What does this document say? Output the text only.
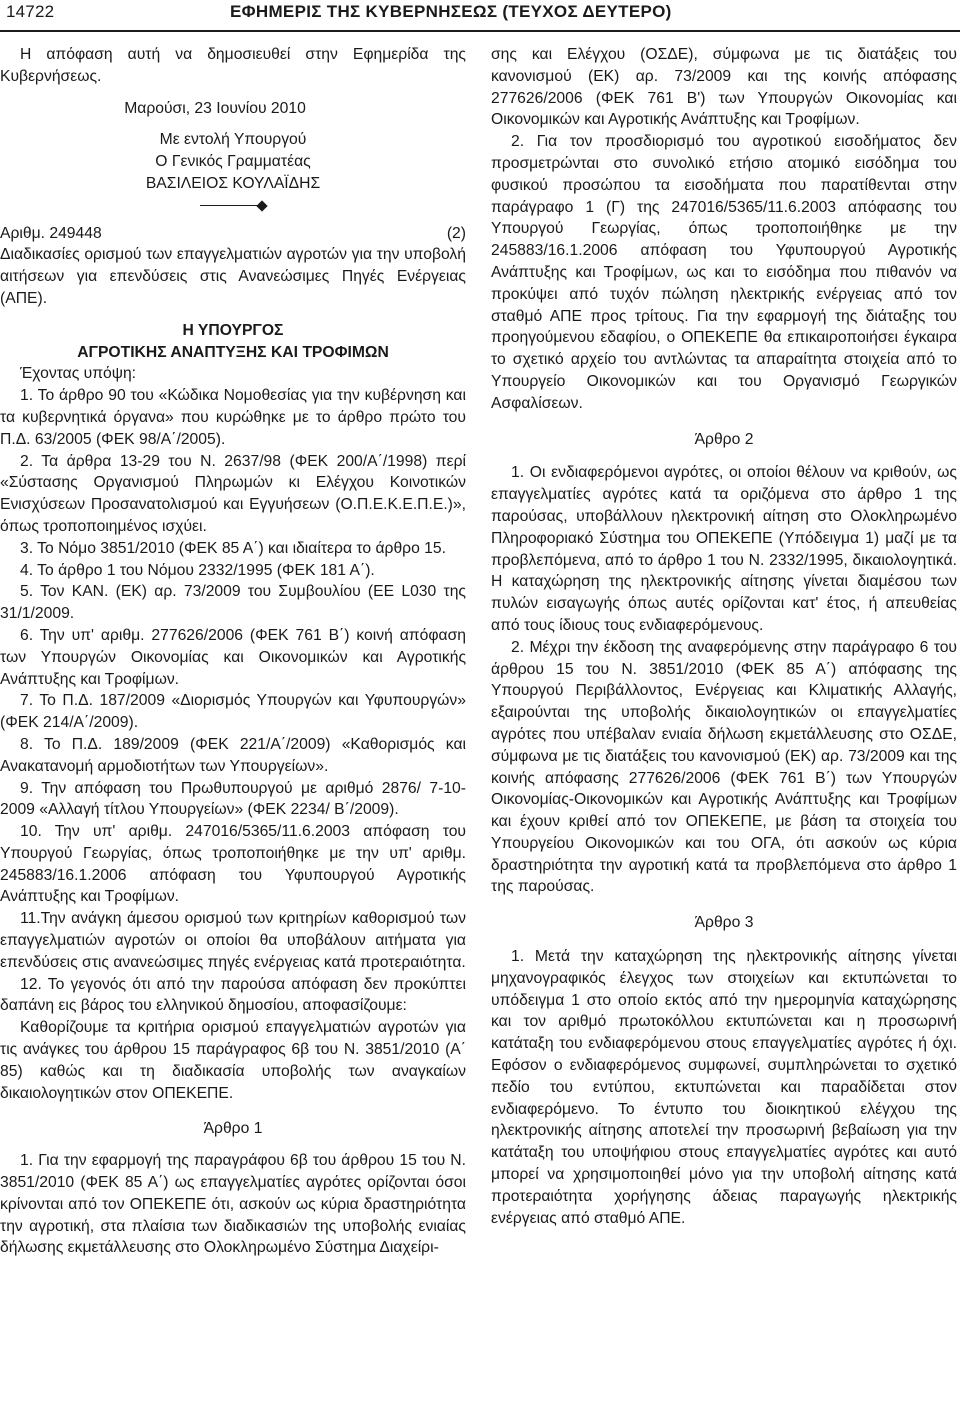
14722	ΕΦΗΜΕΡΙΣ ΤΗΣ ΚΥΒΕΡΝΗΣΕΩΣ (ΤΕΥΧΟΣ ΔΕΥΤΕΡΟ)

Η απόφαση αυτή να δημοσιευθεί στην Εφημερίδα της Κυβερνήσεως.

Μαρούσι, 23 Ιουνίου 2010

Με εντολή Υπουργού

Ο Γενικός Γραμματέας

ΒΑΣΙΛΕΙΟΣ ΚΟΥΛΑΪΔΗΣ

Αριθμ. 249448	(2)

Διαδικασίες ορισμού των επαγγελματιών αγροτών για την υποβολή αιτήσεων για επενδύσεις στις Ανανεώσιμες Πηγές Ενέργειας (ΑΠΕ).

Η ΥΠΟΥΡΓΟΣ

ΑΓΡΟΤΙΚΗΣ ΑΝΑΠΤΥΞΗΣ ΚΑΙ ΤΡΟΦΙΜΩΝ

Έχοντας υπόψη:

1. Το άρθρο 90 του «Κώδικα Νομοθεσίας για την κυβέρνηση και τα κυβερνητικά όργανα» που κυρώθηκε με το άρθρο πρώτο του Π.Δ. 63/2005 (ΦΕΚ 98/Α΄/2005).

2. Τα άρθρα 13-29 του Ν. 2637/98 (ΦΕΚ 200/Α΄/1998) περί «Σύστασης Οργανισμού Πληρωμών κι Ελέγχου Κοινοτικών Ενισχύσεων Προσανατολισμού και Εγγυήσεων (Ο.Π.Ε.Κ.Ε.Π.Ε.)», όπως τροποποιημένος ισχύει.

3. Το Νόμο 3851/2010 (ΦΕΚ 85 Α΄) και ιδιαίτερα το άρθρο 15.

4. Το άρθρο 1 του Νόμου 2332/1995 (ΦΕΚ 181 Α΄).

5. Τον ΚΑΝ. (ΕΚ) αρ. 73/2009 του Συμβουλίου (ΕΕ L030 της 31/1/2009.

6. Την υπ' αριθμ. 277626/2006 (ΦΕΚ 761 Β΄) κοινή απόφαση των Υπουργών Οικονομίας και Οικονομικών και Αγροτικής Ανάπτυξης και Τροφίμων.

7. Το Π.Δ. 187/2009 «Διορισμός Υπουργών και Υφυπουργών» (ΦΕΚ 214/Α΄/2009).

8. Το Π.Δ. 189/2009 (ΦΕΚ 221/Α΄/2009) «Καθορισμός και Ανακατανομή αρμοδιοτήτων των Υπουργείων».

9. Την απόφαση του Πρωθυπουργού με αριθμό 2876/ 7-10-2009 «Αλλαγή τίτλου Υπουργείων» (ΦΕΚ 2234/ Β΄/2009).

10. Την υπ' αριθμ. 247016/5365/11.6.2003 απόφαση του Υπουργού Γεωργίας, όπως τροποποιήθηκε με την υπ' αριθμ. 245883/16.1.2006 απόφαση του Υφυπουργού Αγροτικής Ανάπτυξης και Τροφίμων.

11.Την ανάγκη άμεσου ορισμού των κριτηρίων καθορισμού των επαγγελματιών αγροτών οι οποίοι θα υποβάλουν αιτήματα για επενδύσεις στις ανανεώσιμες πηγές ενέργειας κατά προτεραιότητα.

12. Το γεγονός ότι από την παρούσα απόφαση δεν προκύπτει δαπάνη εις βάρος του ελληνικού δημοσίου, αποφασίζουμε:

Καθορίζουμε τα κριτήρια ορισμού επαγγελματιών αγροτών για τις ανάγκες του άρθρου 15 παράγραφος 6β του Ν. 3851/2010 (Α΄ 85) καθώς και τη διαδικασία υποβολής των αναγκαίων δικαιολογητικών στον ΟΠΕΚΕΠΕ.

Άρθρο 1

1. Για την εφαρμογή της παραγράφου 6β του άρθρου 15 του Ν. 3851/2010 (ΦΕΚ 85 Α΄) ως επαγγελματίες αγρότες ορίζονται όσοι κρίνονται από τον ΟΠΕΚΕΠΕ ότι, ασκούν ως κύρια δραστηριότητα την αγροτική, στα πλαίσια των διαδικασιών της υποβολής ενιαίας δήλωσης εκμετάλλευσης στο Ολοκληρωμένο Σύστημα Διαχείρι-

σης και Ελέγχου (ΟΣΔΕ), σύμφωνα με τις διατάξεις του κανονισμού (ΕΚ) αρ. 73/2009 και της κοινής απόφασης 277626/2006 (ΦΕΚ 761 Β') των Υπουργών Οικονομίας και Οικονομικών και Αγροτικής Ανάπτυξης και Τροφίμων.

2. Για τον προσδιορισμό του αγροτικού εισοδήματος δεν προσμετρώνται στο συνολικό ετήσιο ατομικό εισόδημα του φυσικού προσώπου τα εισοδήματα που παρατίθενται στην παράγραφο 1 (Γ) της 247016/5365/11.6.2003 απόφασης του Υπουργού Γεωργίας, όπως τροποποιήθηκε με την 245883/16.1.2006 απόφαση του Υφυπουργού Αγροτικής Ανάπτυξης και Τροφίμων, ως και το εισόδημα που πιθανόν να προκύψει από τυχόν πώληση ηλεκτρικής ενέργειας από τον σταθμό ΑΠΕ προς τρίτους. Για την εφαρμογή της διάταξης του προηγούμενου εδαφίου, ο ΟΠΕΚΕΠΕ θα επικαιροποιήσει έγκαιρα το σχετικό αρχείο του αντλώντας τα απαραίτητα στοιχεία από το Υπουργείο Οικονομικών και του Οργανισμό Γεωργικών Ασφαλίσεων.

Άρθρο 2

1. Οι ενδιαφερόμενοι αγρότες, οι οποίοι θέλουν να κριθούν, ως επαγγελματίες αγρότες κατά τα οριζόμενα στο άρθρο 1 της παρούσας, υποβάλλουν ηλεκτρονική αίτηση στο Ολοκληρωμένο Πληροφοριακό Σύστημα του ΟΠΕΚΕΠΕ (Υπόδειγμα 1) μαζί με τα προβλεπόμενα, από το άρθρο 1 του Ν. 2332/1995, δικαιολογητικά. Η καταχώρηση της ηλεκτρονικής αίτησης γίνεται διαμέσου των πυλών εισαγωγής όπως αυτές ορίζονται κατ' έτος, ή απευθείας από τους ίδιους τους ενδιαφερόμενους.

2. Μέχρι την έκδοση της αναφερόμενης στην παράγραφο 6 του άρθρου 15 του Ν. 3851/2010 (ΦΕΚ 85 Α΄) απόφασης της Υπουργού Περιβάλλοντος, Ενέργειας και Κλιματικής Αλλαγής, εξαιρούνται της υποβολής δικαιολογητικών οι επαγγελματίες αγρότες που υπέβαλαν ενιαία δήλωση εκμετάλλευσης στο ΟΣΔΕ, σύμφωνα με τις διατάξεις του κανονισμού (ΕΚ) αρ. 73/2009 και της κοινής απόφασης 277626/2006 (ΦΕΚ 761 Β΄) των Υπουργών Οικονομίας-Οικονομικών και Αγροτικής Ανάπτυξης και Τροφίμων και έχουν κριθεί από τον ΟΠΕΚΕΠΕ, με βάση τα στοιχεία του Υπουργείου Οικονομικών και του ΟΓΑ, ότι ασκούν ως κύρια δραστηριότητα την αγροτική κατά τα προβλεπόμενα στο άρθρο 1 της παρούσας.

Άρθρο 3

1. Μετά την καταχώρηση της ηλεκτρονικής αίτησης γίνεται μηχανογραφικός έλεγχος των στοιχείων και εκτυπώνεται το υπόδειγμα 1 στο οποίο εκτός από την ημερομηνία καταχώρησης και τον αριθμό πρωτοκόλλου εκτυπώνεται και η προσωρινή κατάταξη του ενδιαφερόμενου στους επαγγελματίες αγρότες ή όχι. Εφόσον ο ενδιαφερόμενος συμφωνεί, συμπληρώνεται το σχετικό πεδίο του εντύπου, εκτυπώνεται και παραδίδεται στον ενδιαφερόμενο. Το έντυπο του διοικητικού ελέγχου της ηλεκτρονικής αίτησης αποτελεί την προσωρινή βεβαίωση για την κατάταξη του υποψήφιου στους επαγγελματίες αγρότες και αυτό μπορεί να χρησιμοποιηθεί μόνο για την υποβολή αίτησης κατά προτεραιότητα χορήγησης άδειας παραγωγής ηλεκτρικής ενέργειας από σταθμό ΑΠΕ.
